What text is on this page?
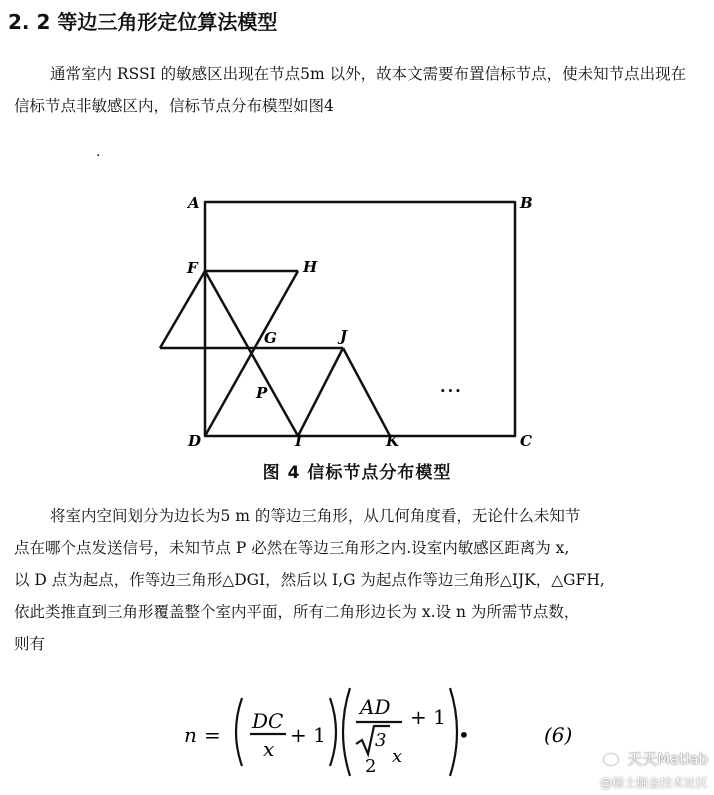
2. 2 等边三角形定位算法模型

通常室内 RSSI 的敏感区出现在节点5m 以外，故本文需要布置信标节点，使未知节点出现在信标节点非敏感区内，信标节点分布模型如图4

.
A	B
C
D
F
G
H
I
J
K
P	...
图 4 信标节点分布模型

将室内空间划分为边长为5 m 的等边三角形，从几何角度看，无论什么未知节

点在哪个点发送信号，未知节点 P 必然在等边三角形之内.设室内敏感区距离为 x,

以 D 点为起点，作等边三角形△DGI，然后以 I,G 为起点作等边三角形△IJK，△GFH,

依此类推直到三角形覆盖整个室内平面，所有二角形边长为 x.设 n 为所需节点数，

则有

n =
DC
x
+ 1
AD
3
2 x
+ 1
•	(6)
天天Matlab
@稀土掘金技术社区
